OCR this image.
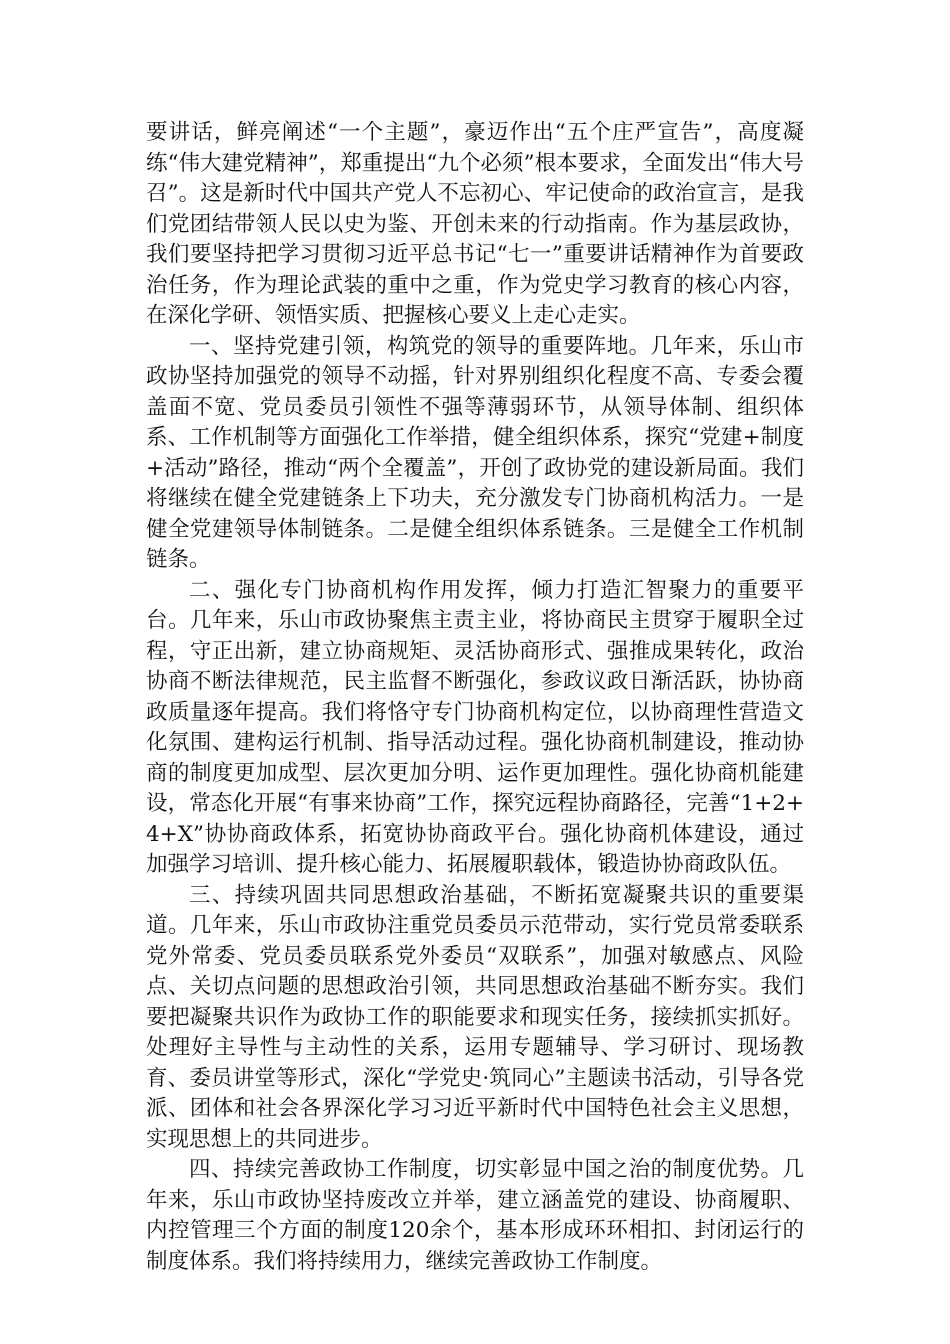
要讲话，鲜亮阐述“一个主题”，豪迈作出“五个庄严宣告”，高度凝练“伟大建党精神”，郑重提出“九个必须”根本要求，全面发出“伟大号召”。这是新时代中国共产党人不忘初心、牢记使命的政治宣言，是我们党团结带领人民以史为鉴、开创未来的行动指南。作为基层政协，我们要坚持把学习贯彻习近平总书记“七一”重要讲话精神作为首要政治任务，作为理论武装的重中之重，作为党史学习教育的核心内容，在深化学研、领悟实质、把握核心要义上走心走实。

一、坚持党建引领，构筑党的领导的重要阵地。几年来，乐山市政协坚持加强党的领导不动摇，针对界别组织化程度不高、专委会覆盖面不宽、党员委员引领性不强等薄弱环节，从领导体制、组织体系、工作机制等方面强化工作举措，健全组织体系，探究“党建+制度+活动”路径，推动“两个全覆盖”，开创了政协党的建设新局面。我们将继续在健全党建链条上下功夫，充分激发专门协商机构活力。一是健全党建领导体制链条。二是健全组织体系链条。三是健全工作机制链条。

二、强化专门协商机构作用发挥，倾力打造汇智聚力的重要平台。几年来，乐山市政协聚焦主责主业，将协商民主贯穿于履职全过程，守正出新，建立协商规矩、灵活协商形式、强推成果转化，政治协商不断法律规范，民主监督不断强化，参政议政日渐活跃，协协商政质量逐年提高。我们将恪守专门协商机构定位，以协商理性营造文化氛围、建构运行机制、指导活动过程。强化协商机制建设，推动协商的制度更加成型、层次更加分明、运作更加理性。强化协商机能建设，常态化开展“有事来协商”工作，探究远程协商路径，完善“1+2+4+X”协协商政体系，拓宽协协商政平台。强化协商机体建设，通过加强学习培训、提升核心能力、拓展履职载体，锻造协协商政队伍。

三、持续巩固共同思想政治基础，不断拓宽凝聚共识的重要渠道。几年来，乐山市政协注重党员委员示范带动，实行党员常委联系党外常委、党员委员联系党外委员“双联系”，加强对敏感点、风险点、关切点问题的思想政治引领，共同思想政治基础不断夯实。我们要把凝聚共识作为政协工作的职能要求和现实任务，接续抓实抓好。处理好主导性与主动性的关系，运用专题辅导、学习研讨、现场教育、委员讲堂等形式，深化“学党史·筑同心”主题读书活动，引导各党派、团体和社会各界深化学习习近平新时代中国特色社会主义思想，实现思想上的共同进步。

四、持续完善政协工作制度，切实彰显中国之治的制度优势。几年来，乐山市政协坚持废改立并举，建立涵盖党的建设、协商履职、内控管理三个方面的制度120余个，基本形成环环相扣、封闭运行的制度体系。我们将持续用力，继续完善政协工作制度。
